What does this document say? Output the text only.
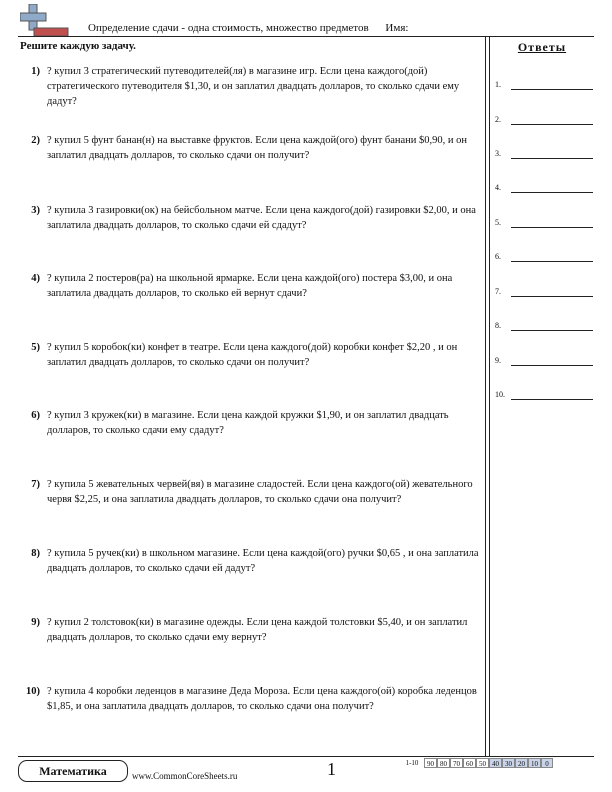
Определение сдачи - одна стоимость, множество предметов Имя:
Решите каждую задачу.	Ответы
1) ? купил 3 стратегический путеводителей(ля) в магазине игр. Если цена каждого(дой) стратегического путеводителя $1,30, и он заплатил двадцать долларов, то сколько сдачи ему дадут?
2) ? купил 5 фунт банан(н) на выставке фруктов. Если цена каждой(ого) фунт банани $0,90, и он заплатил двадцать долларов, то сколько сдачи он получит?
3) ? купила 3 газировки(ок) на бейсбольном матче. Если цена каждого(дой) газировки $2,00, и она заплатила двадцать долларов, то сколько сдачи ей сдадут?
4) ? купила 2 постеров(ра) на школьной ярмарке. Если цена каждой(ого) постера $3,00, и она заплатила двадцать долларов, то сколько ей вернут сдачи?
5) ? купил 5 коробок(ки) конфет в театре. Если цена каждого(дой) коробки конфет $2,20 , и он заплатил двадцать долларов, то сколько сдачи он получит?
6) ? купил 3 кружек(ки) в магазине. Если цена каждой кружки $1,90, и он заплатил двадцать долларов, то сколько сдачи ему сдадут?
7) ? купила 5 жевательных червей(вя) в магазине сладостей. Если цена каждого(ой) жевательного червя $2,25, и она заплатила двадцать долларов, то сколько сдачи она получит?
8) ? купила 5 ручек(ки) в школьном магазине. Если цена каждой(ого) ручки $0,65 , и она заплатила двадцать долларов, то сколько сдачи ей дадут?
9) ? купил 2 толстовок(ки) в магазине одежды. Если цена каждой толстовки $5,40, и он заплатил двадцать долларов, то сколько сдачи ему вернут?
10) ? купила 4 коробки леденцов в магазине Деда Мороза. Если цена каждого(ой) коробка леденцов $1,85, и она заплатила двадцать долларов, то сколько сдачи она получит?
1.
2.
3.
4.
5.
6.
7.
8.
9.
10.
Математика	www.CommonCoreSheets.ru	1	1-10	90 80 70 60 50 40 30 20 10	0
